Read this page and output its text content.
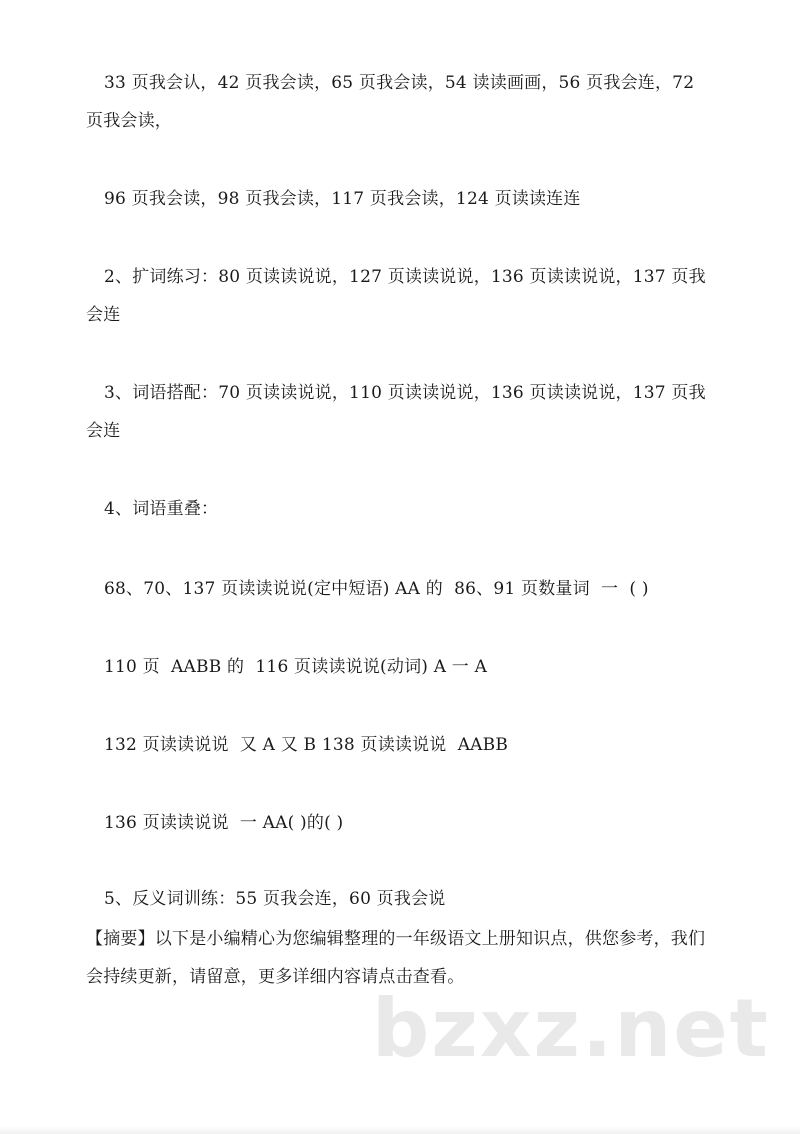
33 页我会认，42 页我会读，65 页我会读，54 读读画画，56 页我会连，72 页我会读，
96 页我会读，98 页我会读，117 页我会读，124 页读读连连
2、扩词练习：80 页读读说说，127 页读读说说，136 页读读说说，137 页我会连
3、词语搭配：70 页读读说说，110 页读读说说，136 页读读说说，137 页我会连
4、词语重叠：
68、70、137 页读读说说(定中短语) AA 的  86、91 页数量词  一  ( )
110 页  AABB 的  116 页读读说说(动词) A 一 A
132 页读读说说  又 A 又 B 138 页读读说说  AABB
136 页读读说说  一 AA( )的( )
5、反义词训练：55 页我会连，60 页我会说
【摘要】以下是小编精心为您编辑整理的一年级语文上册知识点，供您参考，我们会持续更新，请留意，更多详细内容请点击查看。
bzxz.net
